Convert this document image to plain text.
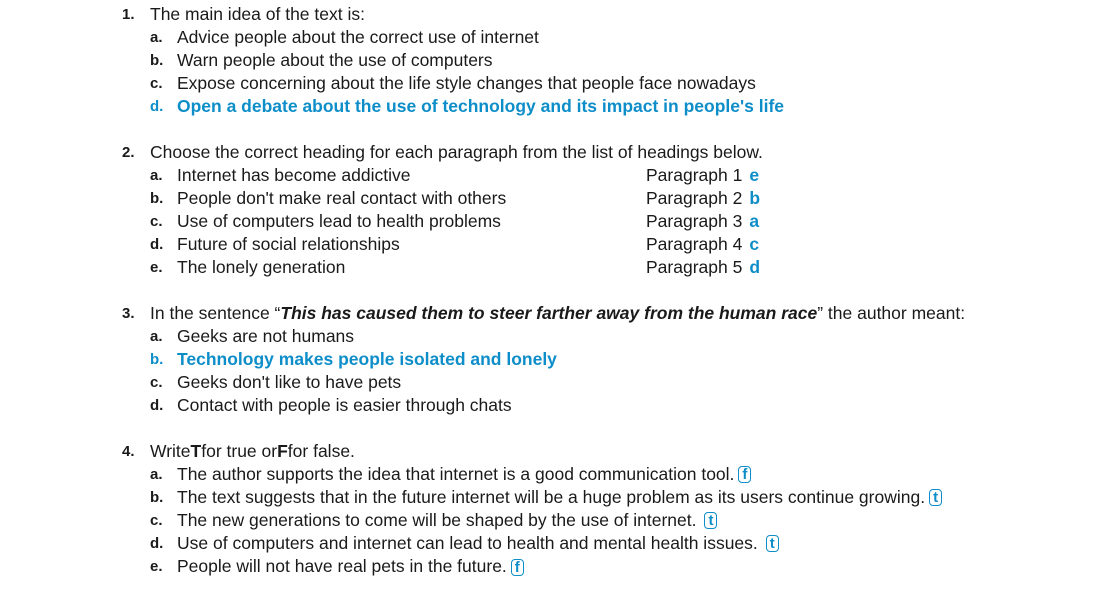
1. The main idea of the text is:
a. Advice people about the correct use of internet
b. Warn people about the use of computers
c. Expose concerning about the life style changes that people face nowadays
d. Open a debate about the use of technology and its impact in people's life
2. Choose the correct heading for each paragraph from the list of headings below.
a. Internet has become addictive	Paragraph 1 e
b. People don't make real contact with others	Paragraph 2 b
c. Use of computers lead to health problems	Paragraph 3 a
d. Future of social relationships	Paragraph 4 c
e. The lonely generation	Paragraph 5 d
3. In the sentence “ This has caused them to steer farther away from the human race ” the author meant:
a. Geeks are not humans
b. Technology makes people isolated and lonely
c. Geeks don't like to have pets
d. Contact with people is easier through chats
4. Write T for true or F for false.
a. The author supports the idea that internet is a good communication tool. f
b. The text suggests that in the future internet will be a huge problem as its users continue growing. t
c. The new generations to come will be shaped by the use of internet. t
d. Use of computers and internet can lead to health and mental health issues. t
e. People will not have real pets in the future. f
